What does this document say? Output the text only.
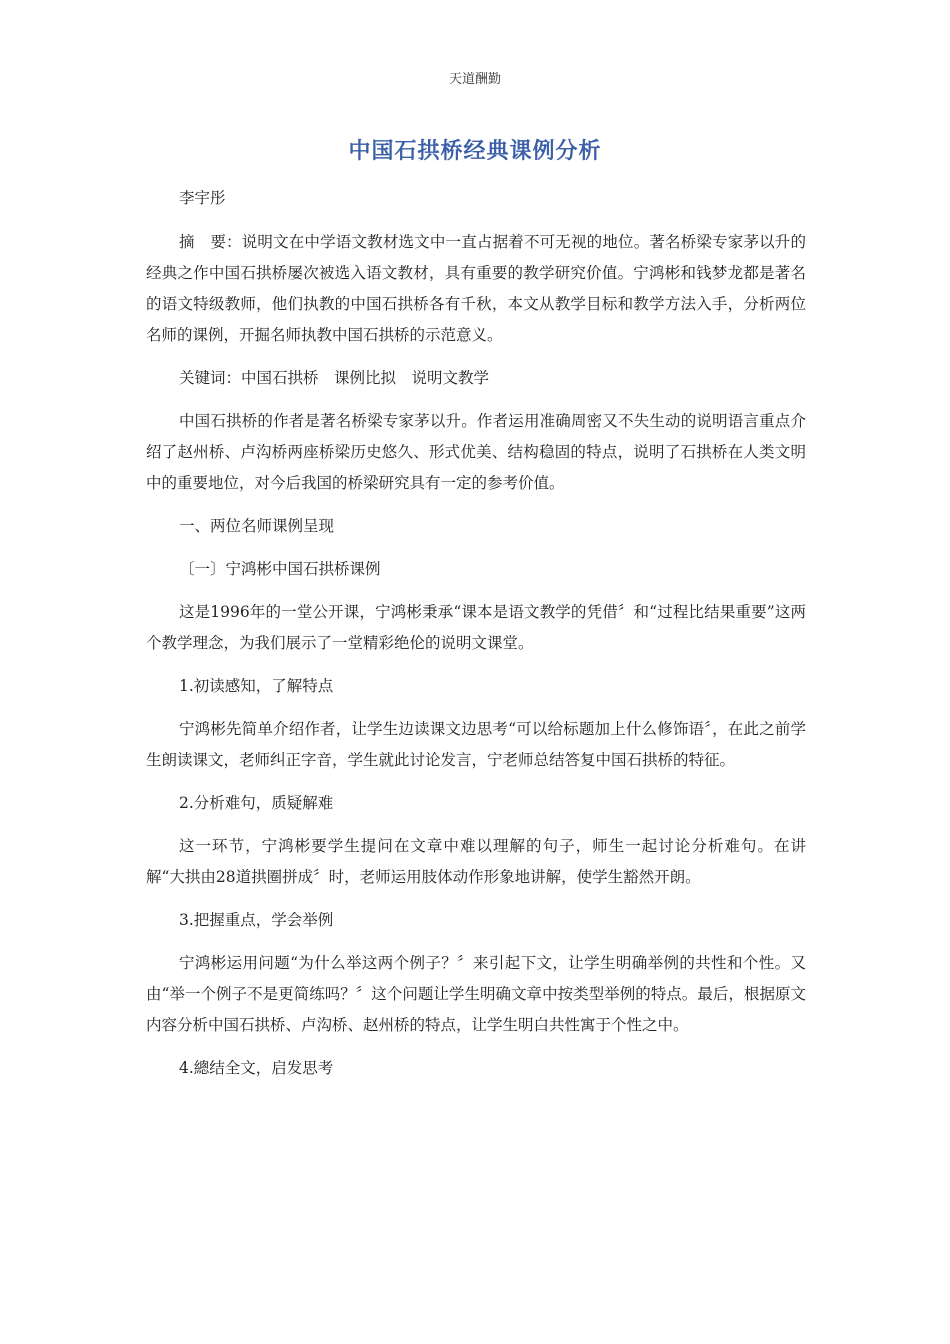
天道酬勤
中国石拱桥经典课例分析

李宇彤

摘　要：说明文在中学语文教材选文中一直占据着不可无视的地位。著名桥梁专家茅以升的经典之作中国石拱桥屡次被选入语文教材，具有重要的教学研究价值。宁鸿彬和钱梦龙都是著名的语文特级教师，他们执教的中国石拱桥各有千秋，本文从教学目标和教学方法入手，分析两位名师的课例，开掘名师执教中国石拱桥的示范意义。

关键词：中国石拱桥　课例比拟　说明文教学

中国石拱桥的作者是著名桥梁专家茅以升。作者运用准确周密又不失生动的说明语言重点介绍了赵州桥、卢沟桥两座桥梁历史悠久、形式优美、结构稳固的特点，说明了石拱桥在人类文明中的重要地位，对今后我国的桥梁研究具有一定的参考价值。

一、两位名师课例呈现

〔一〕宁鸿彬中国石拱桥课例

这是1996年的一堂公开课，宁鸿彬秉承“课本是语文教学的凭借〞和“过程比结果重要”这两个教学理念，为我们展示了一堂精彩绝伦的说明文课堂。

1.初读感知，了解特点

宁鸿彬先简单介绍作者，让学生边读课文边思考“可以给标题加上什么修饰语〞，在此之前学生朗读课文，老师纠正字音，学生就此讨论发言，宁老师总结答复中国石拱桥的特征。

2.分析难句，质疑解难

这一环节，宁鸿彬要学生提问在文章中难以理解的句子，师生一起讨论分析难句。在讲解“大拱由28道拱圈拼成〞时，老师运用肢体动作形象地讲解，使学生豁然开朗。

3.把握重点，学会举例

宁鸿彬运用问题“为什么举这两个例子？〞来引起下文，让学生明确举例的共性和个性。又由“举一个例子不是更简练吗？〞这个问题让学生明确文章中按类型举例的特点。最后，根据原文内容分析中国石拱桥、卢沟桥、赵州桥的特点，让学生明白共性寓于个性之中。

4.總结全文，启发思考
